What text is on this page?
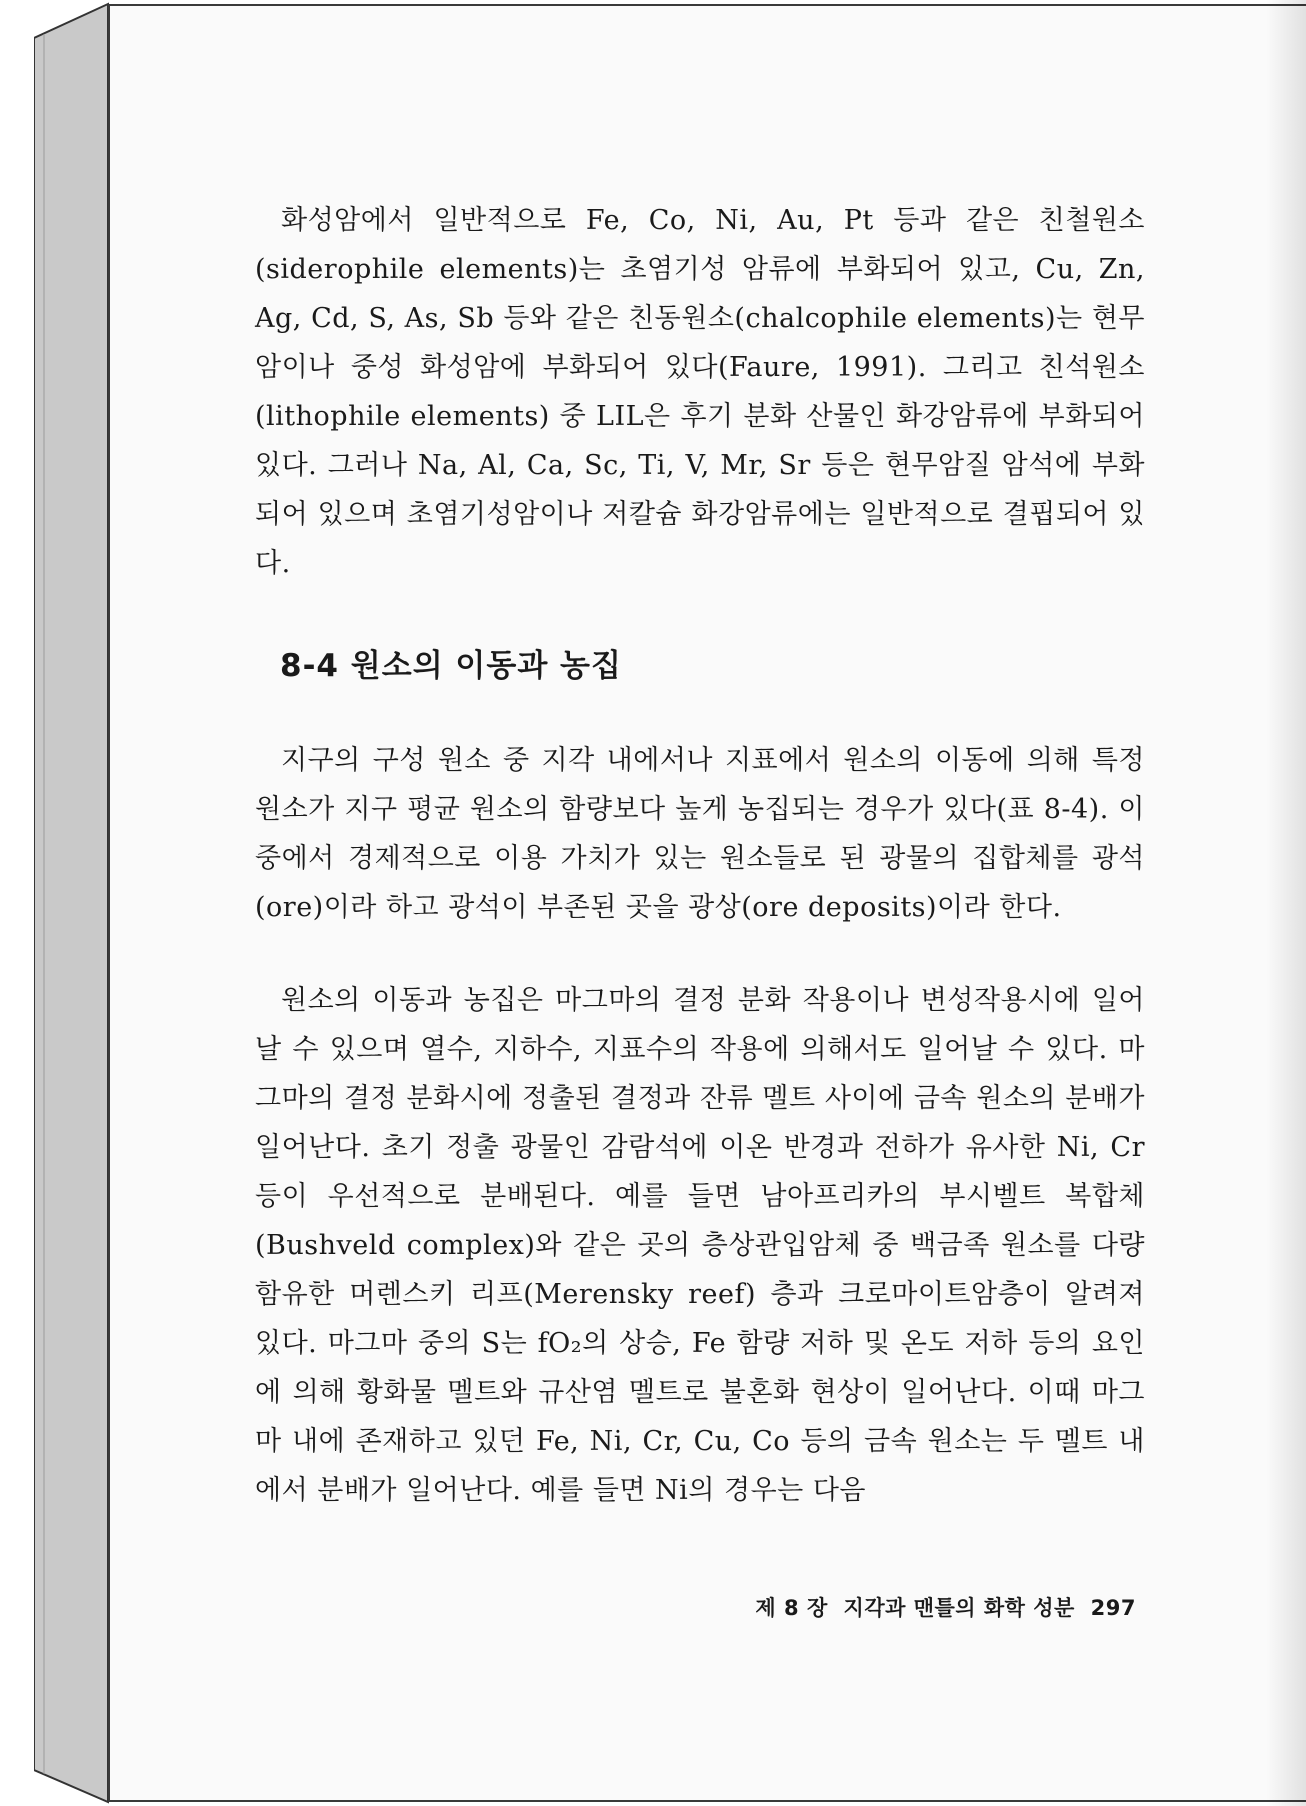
화성암에서 일반적으로 Fe, Co, Ni, Au, Pt 등과 같은 친철원소(siderophile elements)는 초염기성 암류에 부화되어 있고, Cu, Zn, Ag, Cd, S, As, Sb 등와 같은 친동원소(chalcophile elements)는 현무암이나 중성 화성암에 부화되어 있다(Faure, 1991). 그리고 친석원소(lithophile elements) 중 LIL은 후기 분화 산물인 화강암류에 부화되어 있다. 그러나 Na, Al, Ca, Sc, Ti, V, Mr, Sr 등은 현무암질 암석에 부화되어 있으며 초염기성암이나 저칼슘 화강암류에는 일반적으로 결핍되어 있다.

8-4 원소의 이동과 농집

지구의 구성 원소 중 지각 내에서나 지표에서 원소의 이동에 의해 특정 원소가 지구 평균 원소의 함량보다 높게 농집되는 경우가 있다(표 8-4). 이 중에서 경제적으로 이용 가치가 있는 원소들로 된 광물의 집합체를 광석(ore)이라 하고 광석이 부존된 곳을 광상(ore deposits)이라 한다.

원소의 이동과 농집은 마그마의 결정 분화 작용이나 변성작용시에 일어날 수 있으며 열수, 지하수, 지표수의 작용에 의해서도 일어날 수 있다. 마그마의 결정 분화시에 정출된 결정과 잔류 멜트 사이에 금속 원소의 분배가 일어난다. 초기 정출 광물인 감람석에 이온 반경과 전하가 유사한 Ni, Cr 등이 우선적으로 분배된다. 예를 들면 남아프리카의 부시벨트 복합체(Bushveld complex)와 같은 곳의 층상관입암체 중 백금족 원소를 다량 함유한 머렌스키 리프(Merensky reef) 층과 크로마이트암층이 알려져 있다. 마그마 중의 S는 fO₂의 상승, Fe 함량 저하 및 온도 저하 등의 요인에 의해 황화물 멜트와 규산염 멜트로 불혼화 현상이 일어난다. 이때 마그마 내에 존재하고 있던 Fe, Ni, Cr, Cu, Co 등의 금속 원소는 두 멜트 내에서 분배가 일어난다. 예를 들면 Ni의 경우는 다음

제 8 장 지각과 맨틀의 화학 성분 297
